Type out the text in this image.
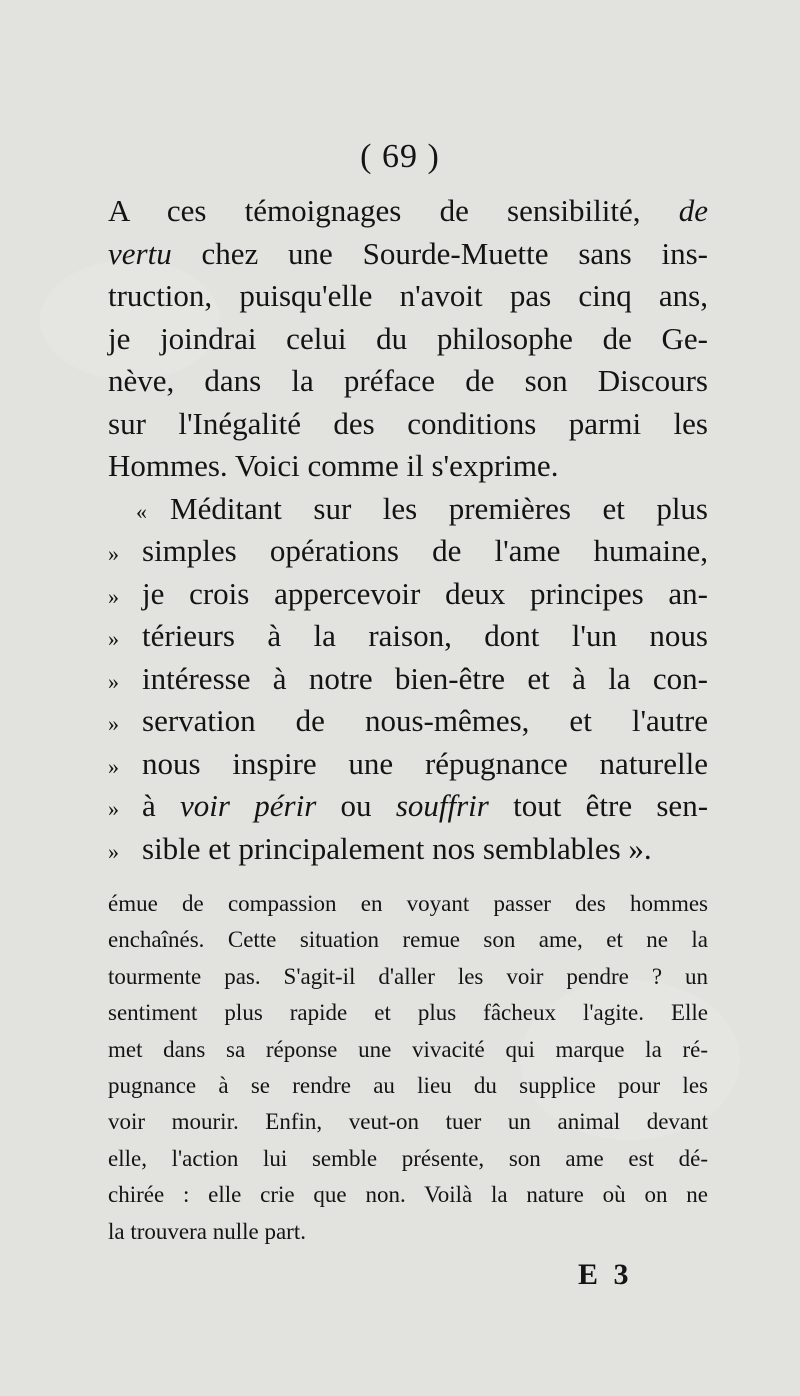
( 69 )
A ces témoignages de sensibilité, de
vertu chez une Sourde-Muette sans ins-
truction, puisqu'elle n'avoit pas cinq ans,
je joindrai celui du philosophe de Ge-
nève, dans la préface de son Discours
sur l'Inégalité des conditions parmi les
Hommes. Voici comme il s'exprime.
« Méditant sur les premières et plus
» simples opérations de l'ame humaine,
» je crois appercevoir deux principes an-
» térieurs à la raison, dont l'un nous
» intéresse à notre bien-être et à la con-
» servation de nous-mêmes, et l'autre
» nous inspire une répugnance naturelle
» à voir périr ou souffrir tout être sen-
» sible et principalement nos semblables ».
émue de compassion en voyant passer des hommes
enchaînés. Cette situation remue son ame, et ne la
tourmente pas. S'agit-il d'aller les voir pendre ? un
sentiment plus rapide et plus fâcheux l'agite. Elle
met dans sa réponse une vivacité qui marque la ré-
pugnance à se rendre au lieu du supplice pour les
voir mourir. Enfin, veut-on tuer un animal devant
elle, l'action lui semble présente, son ame est dé-
chirée : elle crie que non. Voilà la nature où on ne
la trouvera nulle part.
E 3
